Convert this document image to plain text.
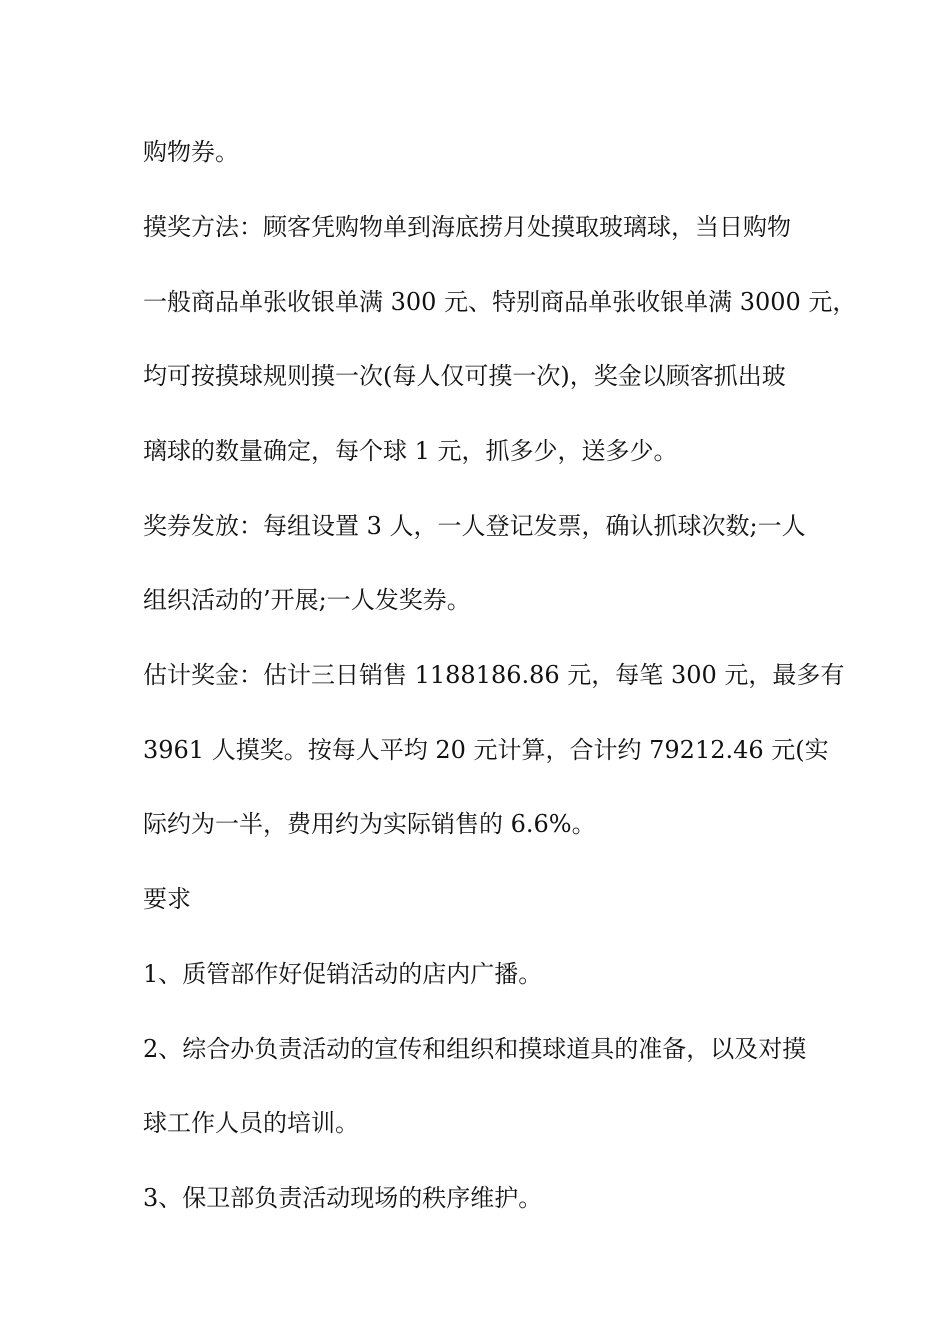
购物券。

摸奖方法：顾客凭购物单到海底捞月处摸取玻璃球，当日购物

一般商品单张收银单满 300 元、特别商品单张收银单满 3000 元，

均可按摸球规则摸一次(每人仅可摸一次)，奖金以顾客抓出玻

璃球的数量确定，每个球 1 元，抓多少，送多少。

奖券发放：每组设置 3 人，一人登记发票，确认抓球次数;一人

组织活动的’开展;一人发奖券。

估计奖金：估计三日销售 1188186.86 元，每笔 300 元，最多有

3961 人摸奖。按每人平均 20 元计算，合计约 79212.46 元(实

际约为一半，费用约为实际销售的 6.6%。

要求

1、质管部作好促销活动的店内广播。

2、综合办负责活动的宣传和组织和摸球道具的准备，以及对摸

球工作人员的培训。

3、保卫部负责活动现场的秩序维护。
